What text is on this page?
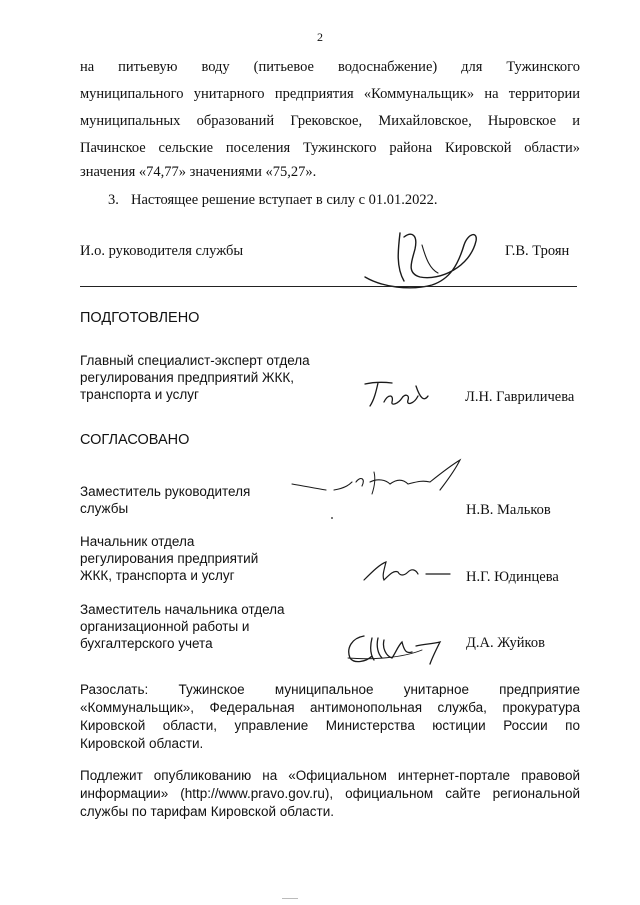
2
на питьевую воду (питьевое водоснабжение) для Тужинского
муниципального унитарного предприятия «Коммунальщик» на территории
муниципальных образований Грековское, Михайловское, Ныровское и
Пачинское сельские поселения Тужинского района Кировской области»
значения «74,77» значениями «75,27».
3. Настоящее решение вступает в силу с 01.01.2022.
И.о. руководителя службы	Г.В. Троян
ПОДГОТОВЛЕНО
Главный специалист-эксперт отдела
регулирования предприятий ЖКК,
транспорта и услуг	Л.Н. Гавриличева
СОГЛАСОВАНО
Заместитель руководителя
службы	Н.В. Мальков
Начальник отдела
регулирования предприятий
ЖКК, транспорта и услуг	Н.Г. Юдинцева
Заместитель начальника отдела
организационной работы и
бухгалтерского учета	Д.А. Жуйков
Разослать: Тужинское муниципальное унитарное предприятие
«Коммунальщик», Федеральная антимонопольная служба, прокуратура
Кировской области, управление Министерства юстиции России по
Кировской области.
Подлежит опубликованию на «Официальном интернет-портале правовой
информации» (http://www.pravo.gov.ru), официальном сайте региональной
службы по тарифам Кировской области.
